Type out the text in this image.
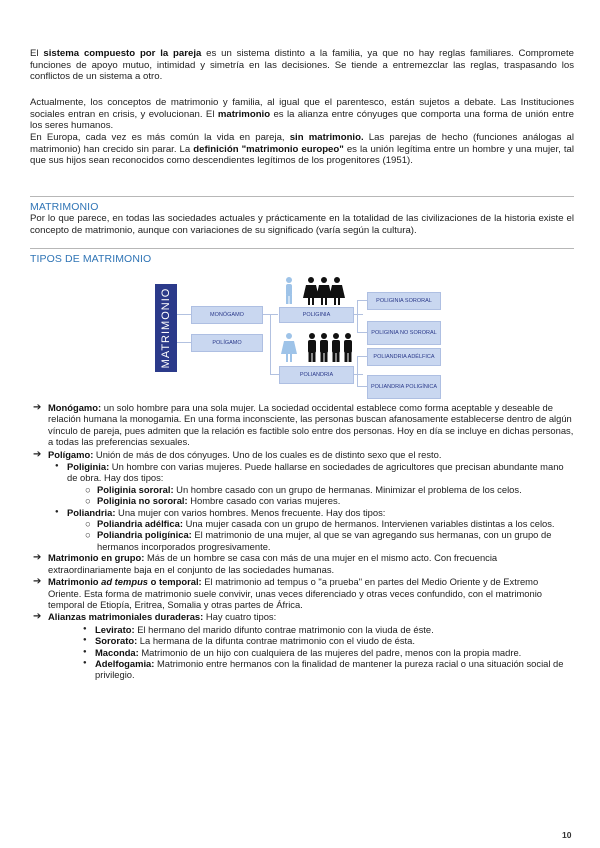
El sistema compuesto por la pareja es un sistema distinto a la familia, ya que no hay reglas familiares. Compromete funciones de apoyo mutuo, intimidad y simetría en las decisiones. Se tiende a entremezclar las reglas, traspasando los conflictos de un sistema a otro.

Actualmente, los conceptos de matrimonio y familia, al igual que el parentesco, están sujetos a debate. Las Instituciones sociales entran en crisis, y evolucionan. El matrimonio es la alianza entre cónyuges que comporta una forma de unión entre los seres humanos.

En Europa, cada vez es más común la vida en pareja, sin matrimonio. Las parejas de hecho (funciones análogas al matrimonio) han crecido sin parar. La definición "matrimonio europeo" es la unión legítima entre un hombre y una mujer, tal que sus hijos sean reconocidos como descendientes legítimos de los progenitores (1951).

MATRIMONIO

Por lo que parece, en todas las sociedades actuales y prácticamente en la totalidad de las civilizaciones de la historia existe el concepto de matrimonio, aunque con variaciones de su significado (varía según la cultura).

TIPOS DE MATRIMONIO
MATRIMONIO	MONÓGAMO
POLÍGAMO
POLIGINIA
POLIANDRIA
POLIGINIA SORORAL
POLIGINIA NO SORORAL
POLIANDRIA ADÉLFICA
POLIANDRIA POLIGÍNICA
➔ Monógamo: un solo hombre para una sola mujer. La sociedad occidental establece como forma aceptable y deseable de relación humana la monogamia. En una forma inconsciente, las personas buscan afanosamente establecerse dentro de algún vínculo de pareja, pues admiten que la relación es factible solo entre dos personas. Hoy en día se incluye en dichas personas, a todas las preferencias sexuales.
➔ Polígamo: Unión de más de dos cónyuges. Uno de los cuales es de distinto sexo que el resto.
● Poliginia: Un hombre con varias mujeres. Puede hallarse en sociedades de agricultores que precisan abundante mano de obra. Hay dos tipos:
○ Poliginia sororal: Un hombre casado con un grupo de hermanas. Minimizar el problema de los celos.
○ Poliginia no sororal: Hombre casado con varias mujeres.
● Poliandria: Una mujer con varios hombres. Menos frecuente. Hay dos tipos:
○ Poliandria adélfica: Una mujer casada con un grupo de hermanos. Intervienen variables distintas a los celos.
○ Poliandria poligínica: El matrimonio de una mujer, al que se van agregando sus hermanas, con un grupo de hermanos incorporados progresivamente.
➔ Matrimonio en grupo: Más de un hombre se casa con más de una mujer en el mismo acto. Con frecuencia extraordinariamente baja en el conjunto de las sociedades humanas.
➔ Matrimonio ad tempus o temporal: El matrimonio ad tempus o "a prueba" en partes del Medio Oriente y de Extremo Oriente. Esta forma de matrimonio suele convivir, unas veces diferenciado y otras veces confundido, con el matrimonio temporal de Etiopía, Eritrea, Somalia y otras partes de África.
➔ Alianzas matrimoniales duraderas: Hay cuatro tipos:
● Levirato: El hermano del marido difunto contrae matrimonio con la viuda de éste.
● Sororato: La hermana de la difunta contrae matrimonio con el viudo de ésta.
● Maconda: Matrimonio de un hijo con cualquiera de las mujeres del padre, menos con la propia madre.
● Adelfogamia: Matrimonio entre hermanos con la finalidad de mantener la pureza racial o una situación social de privilegio.
10
